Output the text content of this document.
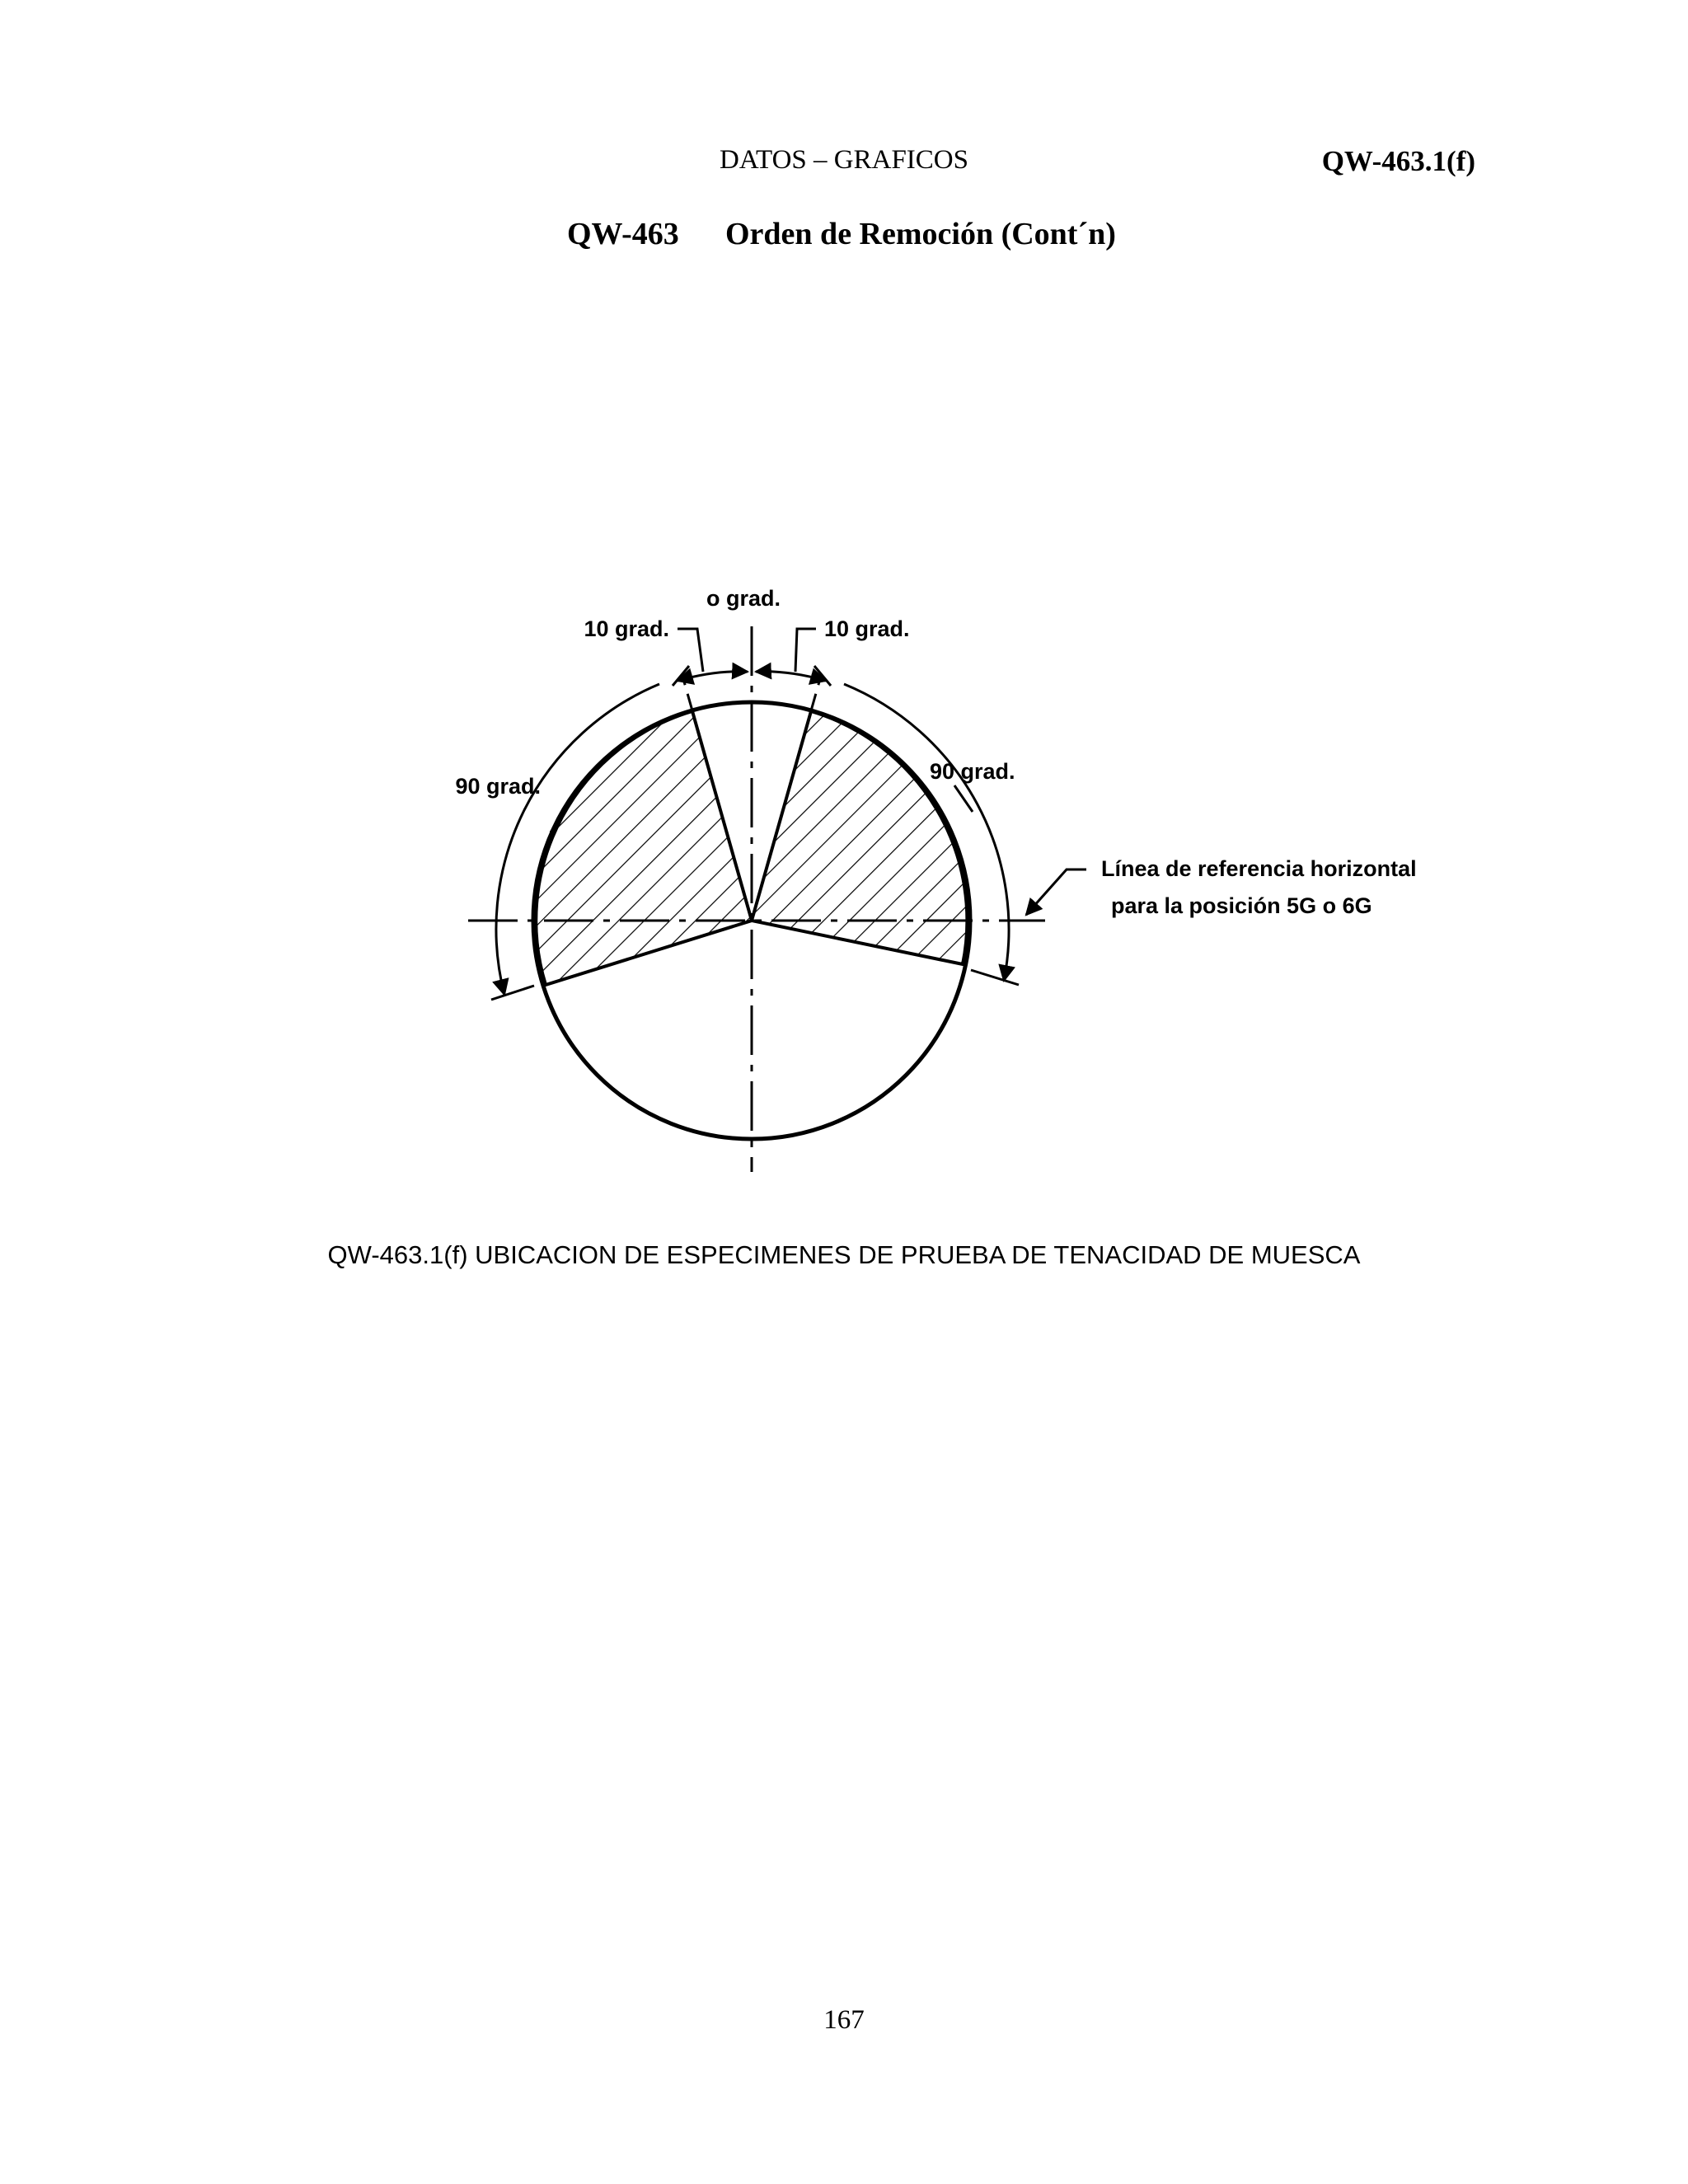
DATOS – GRAFICOS	QW-463.1(f)
QW-463 Orden de Remoción (Cont´n)
o grad.
10 grad.	10 grad.
90 grad.
90 grad.
Línea de referencia horizontal
para la posición 5G o 6G
QW-463.1(f) UBICACION DE ESPECIMENES DE PRUEBA DE TENACIDAD DE MUESCA
167
